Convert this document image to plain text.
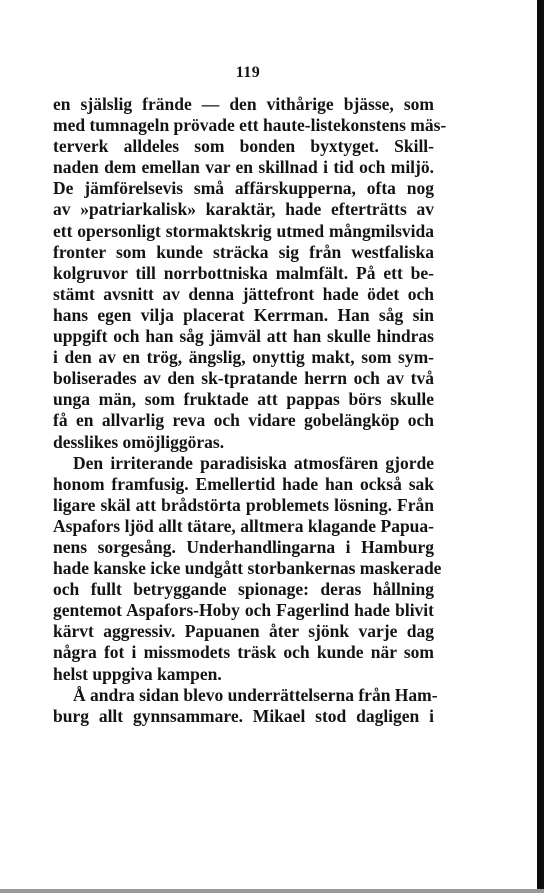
119
en själslig frände — den vithårige bjässe, som
med tumnageln prövade ett haute-listekonstens mäs-
terverk alldeles som bonden byxtyget. Skill-
naden dem emellan var en skillnad i tid och miljö.
De jämförelsevis små affärskupperna, ofta nog
av »patriarkalisk» karaktär, hade efterträtts av
ett opersonligt stormaktskrig utmed mångmilsvida
fronter som kunde sträcka sig från westfaliska
kolgruvor till norrbottniska malmfält. På ett be-
stämt avsnitt av denna jättefront hade ödet och
hans egen vilja placerat Kerrman. Han såg sin
uppgift och han såg jämväl att han skulle hindras
i den av en trög, ängslig, onyttig makt, som sym-
boliserades av den sk-tpratande herrn och av två
unga män, som fruktade att pappas börs skulle
få en allvarlig reva och vidare gobelängköp och
desslikes omöjliggöras.
Den irriterande paradisiska atmosfären gjorde
honom framfusig. Emellertid hade han också sak
ligare skäl att brådstörta problemets lösning. Från
Aspafors ljöd allt tätare, alltmera klagande Papua-
nens sorgesång. Underhandlingarna i Hamburg
hade kanske icke undgått storbankernas maskerade
och fullt betryggande spionage: deras hållning
gentemot Aspafors-Hoby och Fagerlind hade blivit
kärvt aggressiv. Papuanen åter sjönk varje dag
några fot i missmodets träsk och kunde när som
helst uppgiva kampen.
Å andra sidan blevo underrättelserna från Ham-
burg allt gynnsammare. Mikael stod dagligen i
